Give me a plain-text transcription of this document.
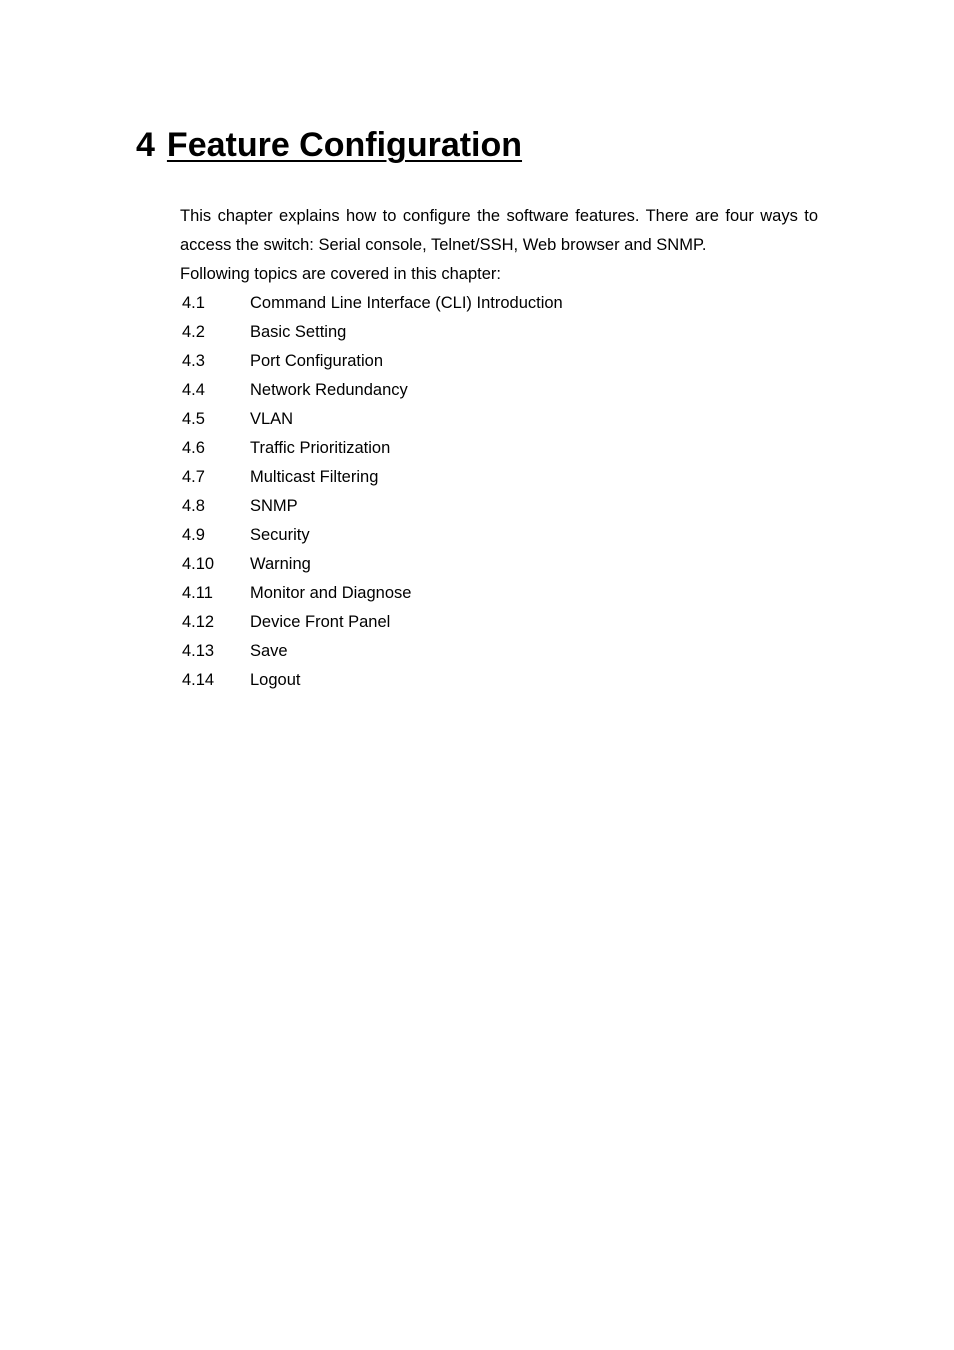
4 Feature Configuration

This chapter explains how to configure the software features. There are four ways to access the switch: Serial console, Telnet/SSH, Web browser and SNMP.

Following topics are covered in this chapter:

4.1	Command Line Interface (CLI) Introduction
4.2	Basic Setting
4.3	Port Configuration
4.4	Network Redundancy
4.5	VLAN
4.6	Traffic Prioritization
4.7	Multicast Filtering
4.8	SNMP
4.9	Security
4.10	Warning
4.11	Monitor and Diagnose
4.12	Device Front Panel
4.13	Save
4.14	Logout
